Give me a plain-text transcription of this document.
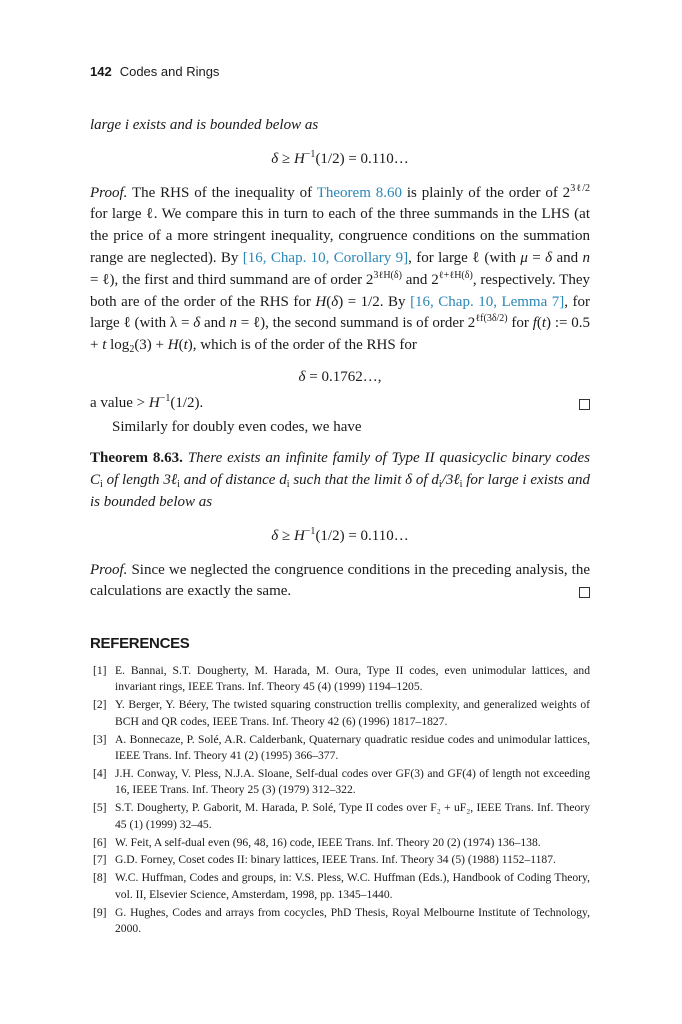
142 Codes and Rings

large i exists and is bounded below as

$\delta \ge H^{-1}(1/2)$ = 0.110…

Proof. The RHS of the inequality of Theorem 8.60 is plainly of the order of $2^{3\ell/2}$ for large ℓ. We compare this in turn to each of the three summands in the LHS (at the price of a more stringent inequality, congruence conditions on the summation range are neglected). By [16, Chap. 10, Corollary 9], for large ℓ (with μ = δ and n = ℓ), the first and third summand are of order $2^{3\ell H(\delta)}$ and $2^{\ell+\ell H(\delta)}$, respectively. They both are of the order of the RHS for H(δ) = 1/2. By [16, Chap. 10, Lemma 7], for large ℓ (with λ = δ and n = ℓ), the second summand is of order $2^{\ell f(3\delta/2)}$ for f(t) := 0.5 + t $\log_2(3) + H(t)$, which is of the order of the RHS for

δ = 0.1762…,

a value > $H^{-1}(1/2)$.

Similarly for doubly even codes, we have

Theorem 8.63. There exists an infinite family of Type II quasicyclic binary codes $C_i$ of length 3ℓ$_i$ and of distance $d_i$ such that the limit δ of $d_i/3\ell_i$ for large i exists and is bounded below as

$\delta \ge H^{-1}(1/2)$ = 0.110…

Proof. Since we neglected the congruence conditions in the preceding analysis, the calculations are exactly the same.

REFERENCES

[1] E. Bannai, S.T. Dougherty, M. Harada, M. Oura, Type II codes, even unimodular lattices, and invariant rings, IEEE Trans. Inf. Theory 45 (4) (1999) 1194–1205.

[2] Y. Berger, Y. Béery, The twisted squaring construction trellis complexity, and generalized weights of BCH and QR codes, IEEE Trans. Inf. Theory 42 (6) (1996) 1817–1827.

[3] A. Bonnecaze, P. Solé, A.R. Calderbank, Quaternary quadratic residue codes and unimodular lattices, IEEE Trans. Inf. Theory 41 (2) (1995) 366–377.

[4] J.H. Conway, V. Pless, N.J.A. Sloane, Self-dual codes over GF(3) and GF(4) of length not exceeding 16, IEEE Trans. Inf. Theory 25 (3) (1979) 312–322.

[5] S.T. Dougherty, P. Gaborit, M. Harada, P. Solé, Type II codes over F₂ + uF₂, IEEE Trans. Inf. Theory 45 (1) (1999) 32–45.

[6] W. Feit, A self-dual even (96, 48, 16) code, IEEE Trans. Inf. Theory 20 (2) (1974) 136–138.

[7] G.D. Forney, Coset codes II: binary lattices, IEEE Trans. Inf. Theory 34 (5) (1988) 1152–1187.

[8] W.C. Huffman, Codes and groups, in: V.S. Pless, W.C. Huffman (Eds.), Handbook of Coding Theory, vol. II, Elsevier Science, Amsterdam, 1998, pp. 1345–1440.

[9] G. Hughes, Codes and arrays from cocycles, PhD Thesis, Royal Melbourne Institute of Technology, 2000.
